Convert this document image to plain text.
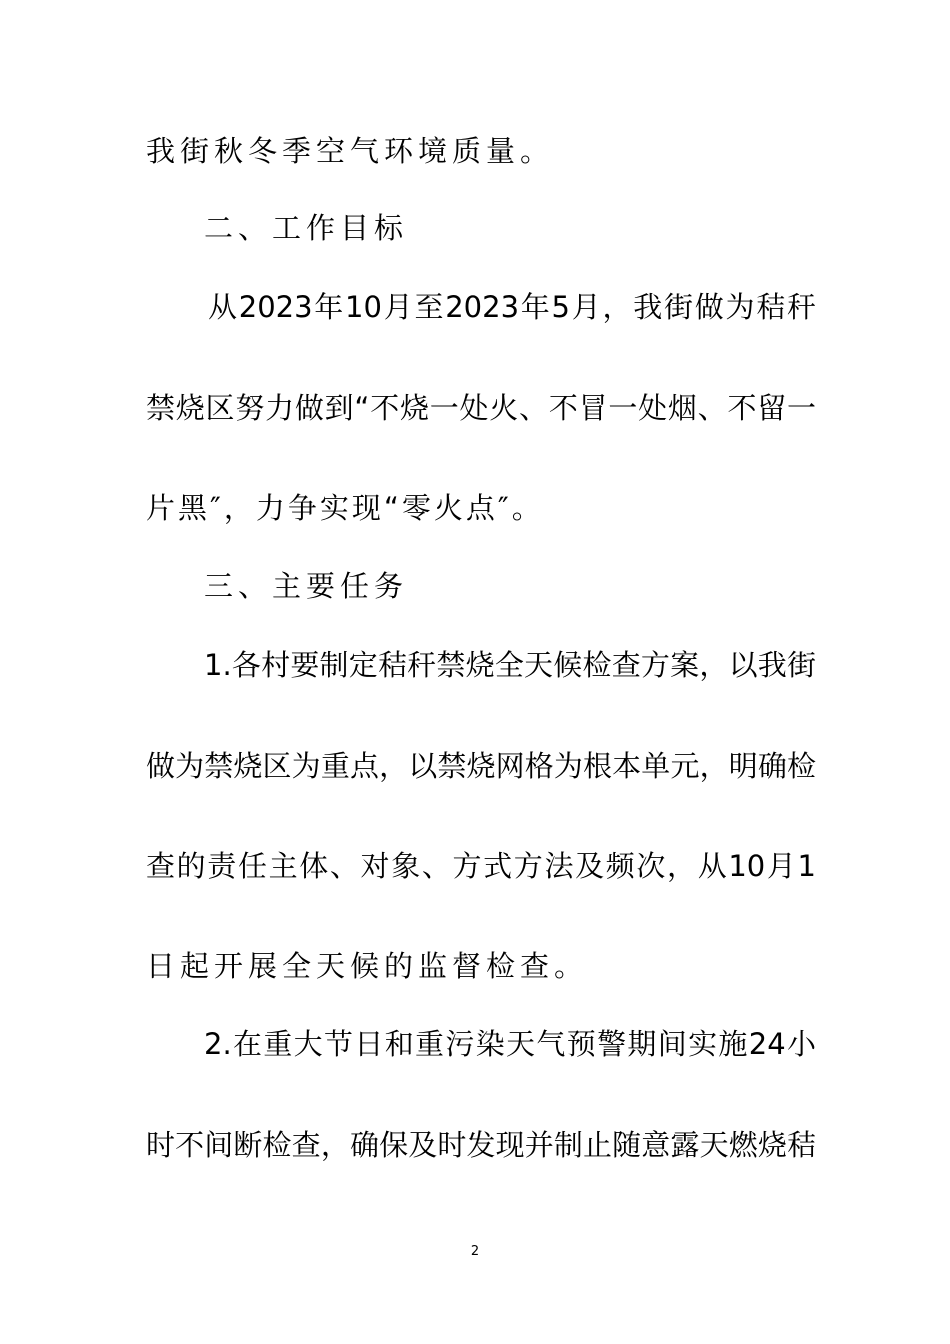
我街秋冬季空气环境质量。
二、工作目标
从2023年10月至2023年5月，我街做为秸秆
禁烧区努力做到“不烧一处火、不冒一处烟、不留一
片黑″，力争实现“零火点″。
三、主要任务
1.各村要制定秸秆禁烧全天候检查方案，以我街
做为禁烧区为重点，以禁烧网格为根本单元，明确检
查的责任主体、对象、方式方法及频次，从10月1
日起开展全天候的监督检查。
2.在重大节日和重污染天气预警期间实施24小
时不间断检查，确保及时发现并制止随意露天燃烧秸
2
